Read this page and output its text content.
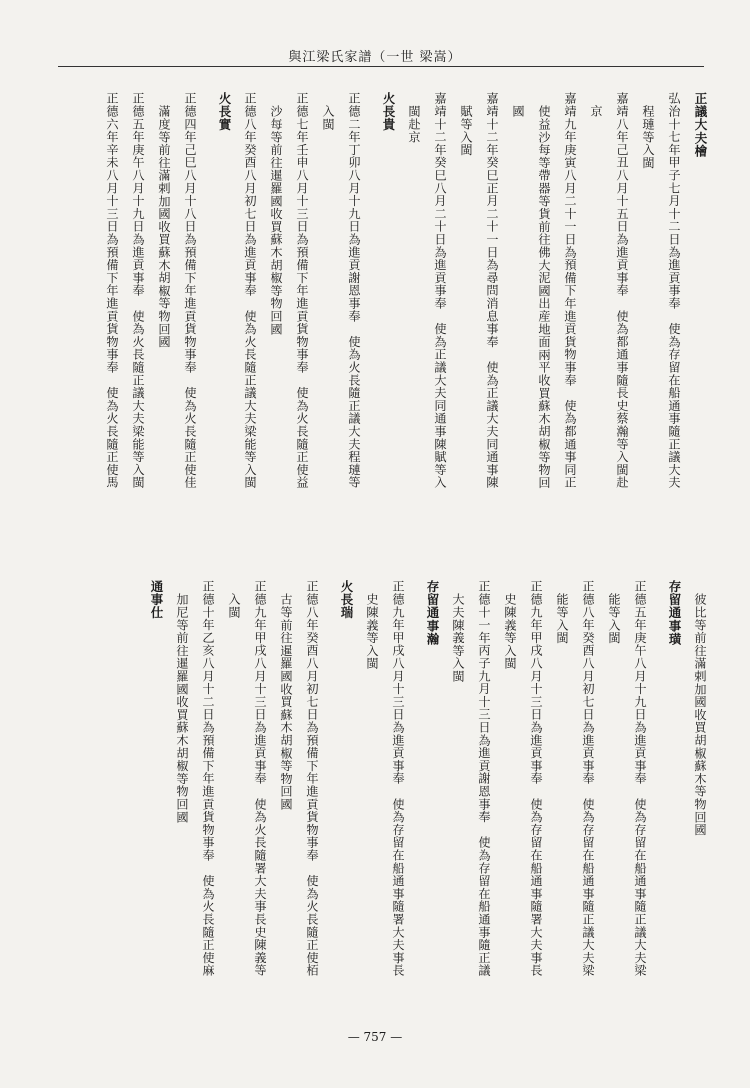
與江梁氏家譜（一世 梁嵩）
正議大夫檜
弘治十七年甲子七月十二日為進貢事奉　使為存留在船通事隨正議大夫
程璉等入閩
嘉靖八年己丑八月十五日為進貢事奉　使為都通事隨長史蔡瀚等入閩赴
京
嘉靖九年庚寅八月二十一日為預備下年進貢貨物事奉　使為都通事同正
使益沙每等帶器等貨前往佛大泥國出産地面兩平收買蘇木胡椒等物回
國
嘉靖十二年癸巳正月二十一日為尋問消息事奉　使為正議大夫同通事陳
賦等入閩
嘉靖十二年癸巳八月二十日為進貢事奉　使為正議大夫同通事陳賦等入
閩赴京
火長貴
正德二年丁卯八月十九日為進貢謝恩事奉　使為火長隨正議大夫程璉等
入閩
正德七年壬申八月十三日為預備下年進貢貨物事奉　使為火長隨正使益
沙每等前往暹羅國收買蘇木胡椒等物回國
正德八年癸酉八月初七日為進貢事奉　使為火長隨正議大夫梁能等入閩
火長實
正德四年己巳八月十八日為預備下年進貢貨物事奉　使為火長隨正使佳
滿度等前往滿剌加國收買蘇木胡椒等物回國
正德五年庚午八月十九日為進貢事奉　使為火長隨正議大夫梁能等入閩
正德六年辛未八月十三日為預備下年進貢貨物事奉　使為火長隨正使馬
彼比等前往滿剌加國收買胡椒蘇木等物回國
存留通事璜
正德五年庚午八月十九日為進貢事奉　使為存留在船通事隨正議大夫梁
能等入閩
正德八年癸酉八月初七日為進貢事奉　使為存留在船通事隨正議大夫梁
能等入閩
正德九年甲戌八月十三日為進貢事奉　使為存留在船通事隨署大夫事長
史陳義等入閩
正德十一年丙子九月十三日為進貢謝恩事奉　使為存留在船通事隨正議
大夫陳義等入閩
存留通事瀚
正德九年甲戌八月十三日為進貢事奉　使為存留在船通事隨署大夫事長
史陳義等入閩
火長瑞
正德八年癸酉八月初七日為預備下年進貢貨物事奉　使為火長隨正使栢
古等前往暹羅國收買蘇木胡椒等物回國
正德九年甲戌八月十三日為進貢事奉　使為火長隨署大夫事長史陳義等
入閩
正德十年乙亥八月十二日為預備下年進貢貨物事奉　使為火長隨正使麻
加尼等前往暹羅國收買蘇木胡椒等物回國
通事仕
— 757 —
